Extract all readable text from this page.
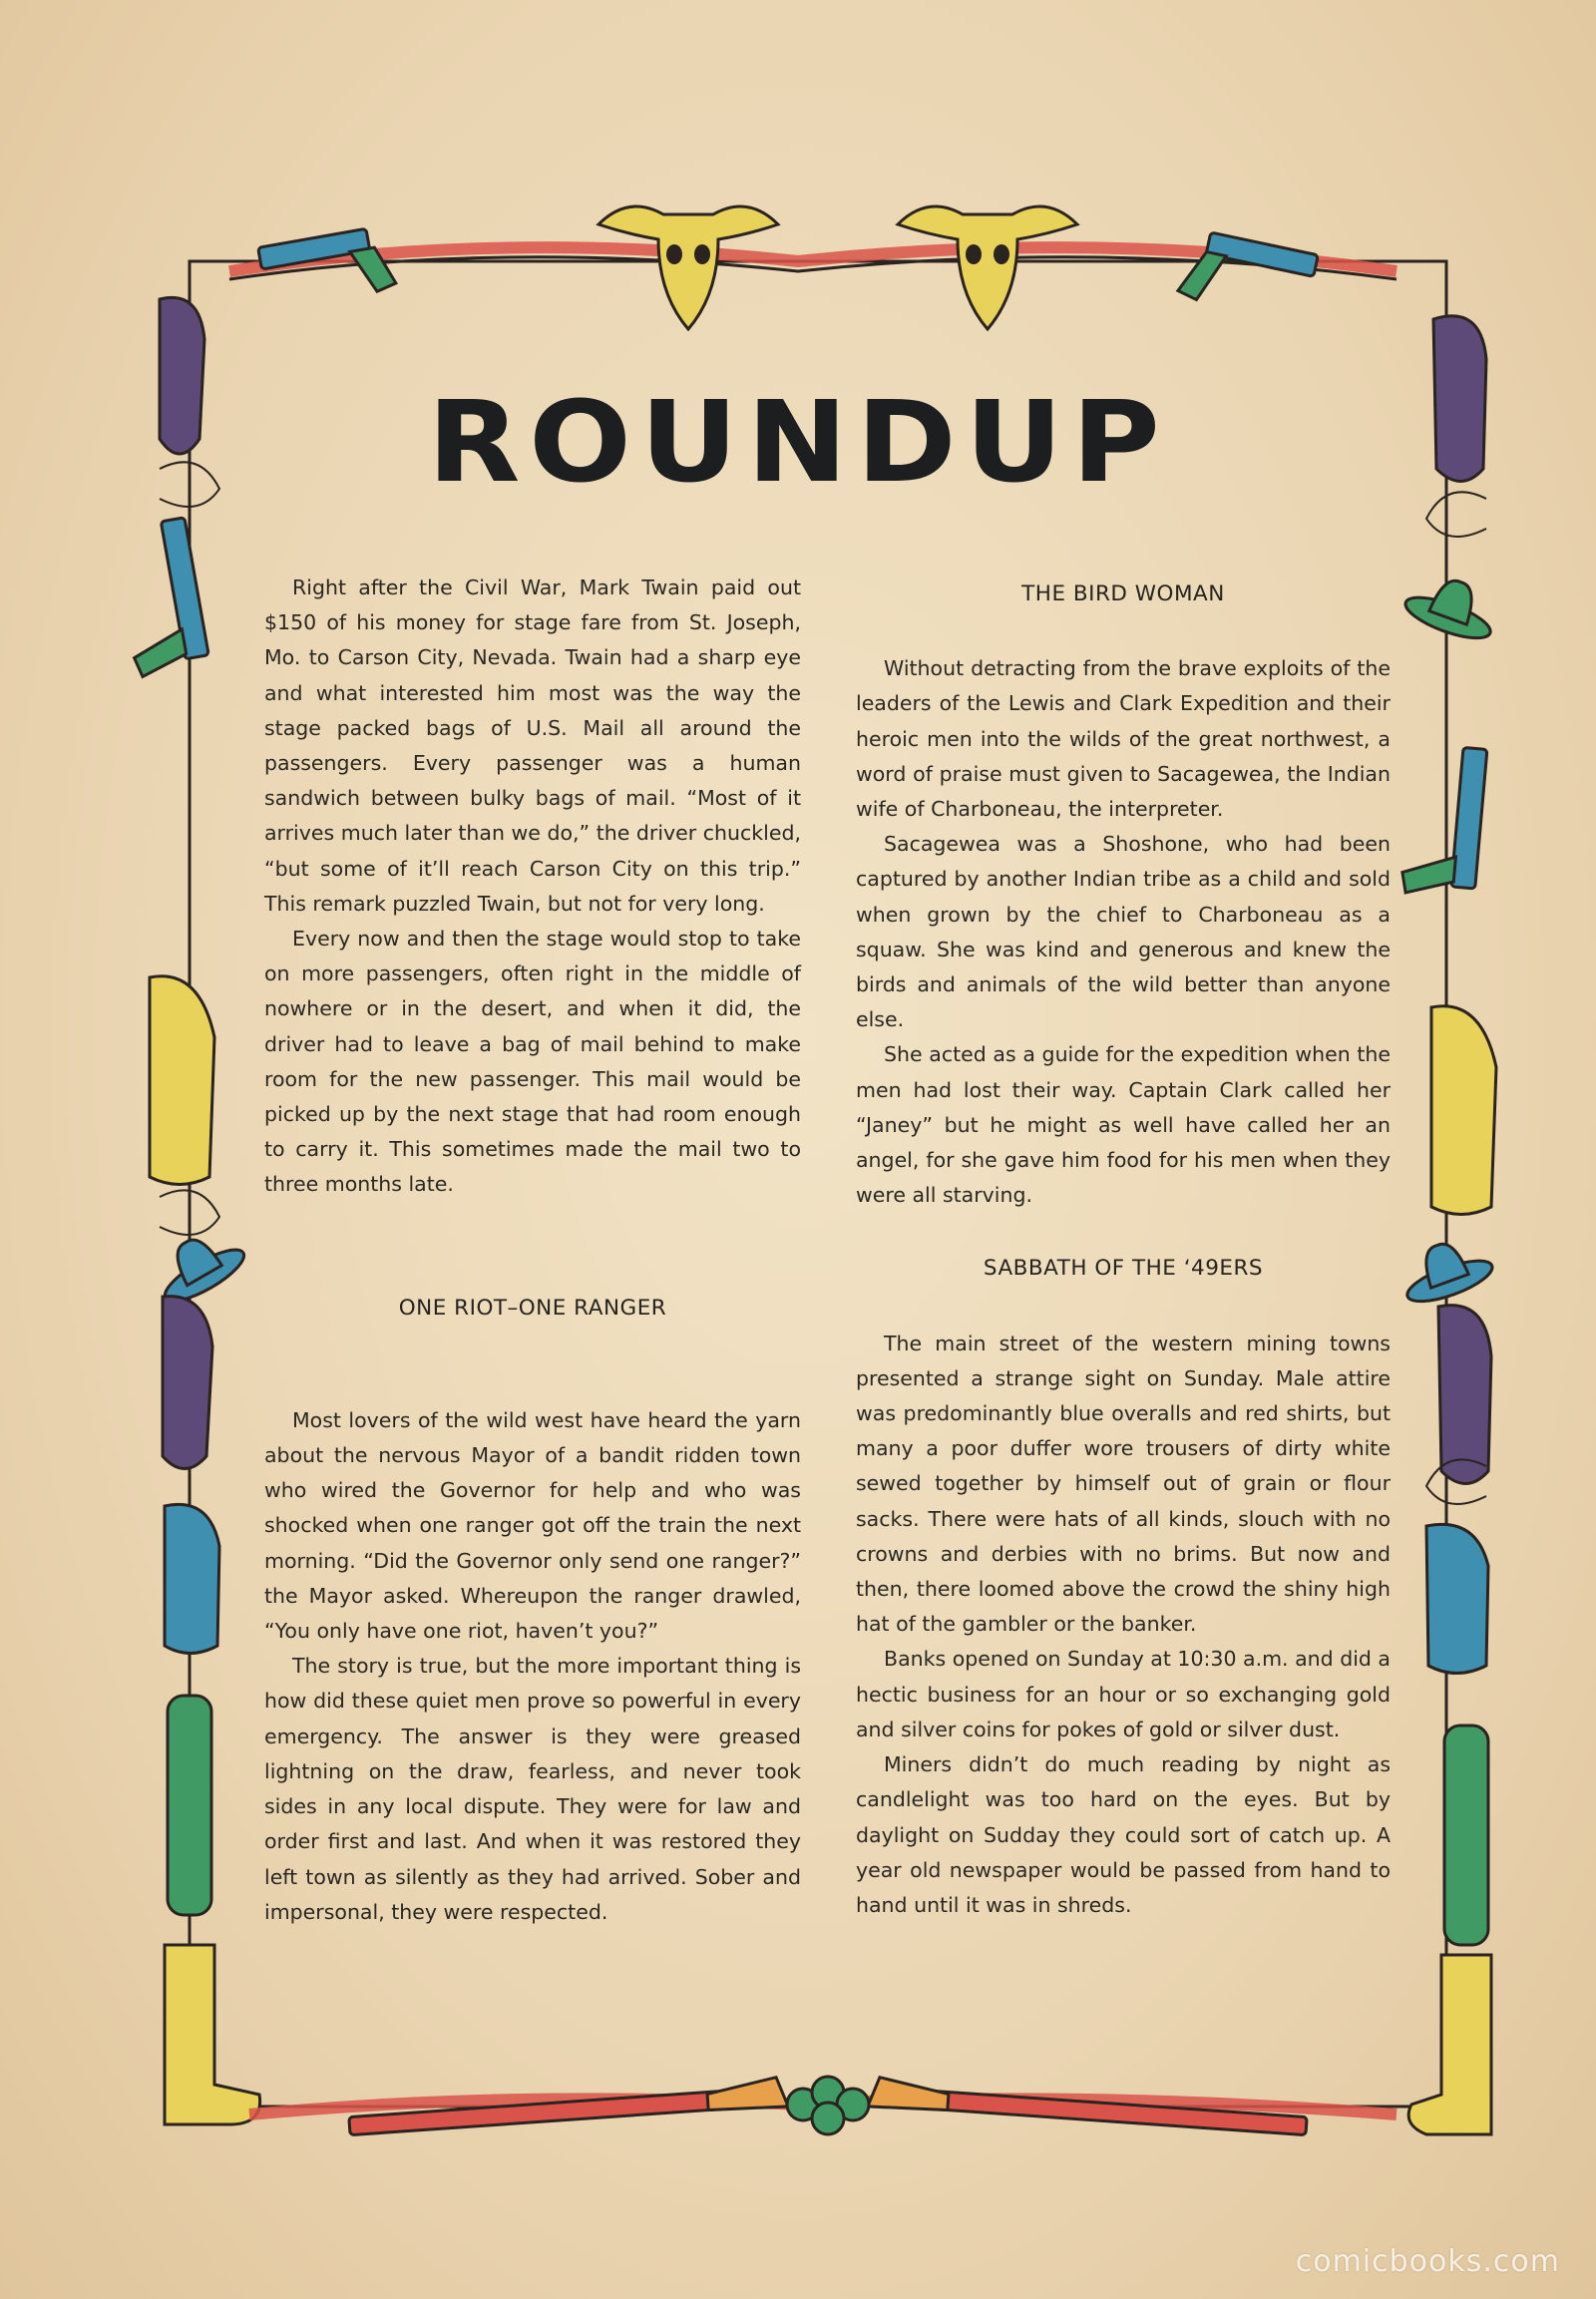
ROUNDUP

Right after the Civil War, Mark Twain paid out $150 of his money for stage fare from St. Joseph, Mo. to Carson City, Nevada. Twain had a sharp eye and what interested him most was the way the stage packed bags of U.S. Mail all around the passengers. Every passenger was a human sandwich between bulky bags of mail. “Most of it arrives much later than we do,” the driver chuckled, “but some of it’ll reach Carson City on this trip.” This remark puzzled Twain, but not for very long.

Every now and then the stage would stop to take on more passengers, often right in the middle of nowhere or in the desert, and when it did, the driver had to leave a bag of mail behind to make room for the new passenger. This mail would be picked up by the next stage that had room enough to carry it. This sometimes made the mail two to three months late.

ONE RIOT–ONE RANGER

Most lovers of the wild west have heard the yarn about the nervous Mayor of a bandit ridden town who wired the Governor for help and who was shocked when one ranger got off the train the next morning. “Did the Governor only send one ranger?” the Mayor asked. Whereupon the ranger drawled, “You only have one riot, haven’t you?”

The story is true, but the more important thing is how did these quiet men prove so powerful in every emergency. The answer is they were greased lightning on the draw, fearless, and never took sides in any local dispute. They were for law and order first and last. And when it was restored they left town as silently as they had arrived. Sober and impersonal, they were respected.

THE BIRD WOMAN

Without detracting from the brave exploits of the leaders of the Lewis and Clark Expedition and their heroic men into the wilds of the great northwest, a word of praise must given to Sacagewea, the Indian wife of Charboneau, the interpreter.

Sacagewea was a Shoshone, who had been captured by another Indian tribe as a child and sold when grown by the chief to Charboneau as a squaw. She was kind and generous and knew the birds and animals of the wild better than anyone else.

She acted as a guide for the expedition when the men had lost their way. Captain Clark called her “Janey” but he might as well have called her an angel, for she gave him food for his men when they were all starving.

SABBATH OF THE ‘49ERS

The main street of the western mining towns presented a strange sight on Sunday. Male attire was predominantly blue overalls and red shirts, but many a poor duffer wore trousers of dirty white sewed together by himself out of grain or flour sacks. There were hats of all kinds, slouch with no crowns and derbies with no brims. But now and then, there loomed above the crowd the shiny high hat of the gambler or the banker.

Banks opened on Sunday at 10:30 a.m. and did a hectic business for an hour or so exchanging gold and silver coins for pokes of gold or silver dust.

Miners didn’t do much reading by night as candlelight was too hard on the eyes. But by daylight on Sudday they could sort of catch up. A year old newspaper would be passed from hand to hand until it was in shreds.

comicbooks.com
